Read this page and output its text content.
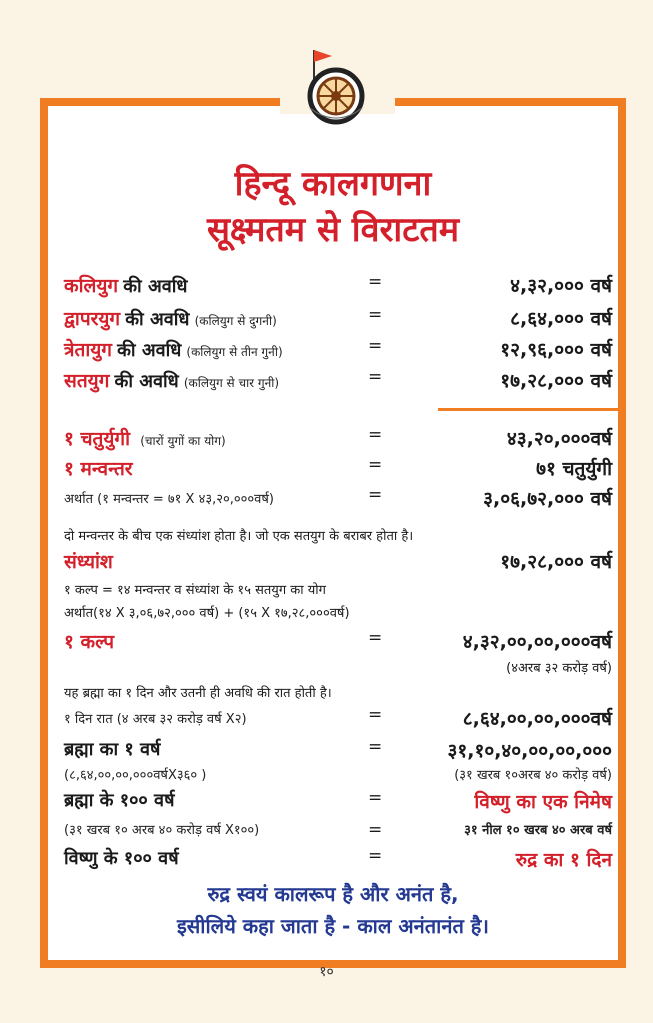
हिन्दू कालगणना
सूक्ष्मतम से विराटतम
कलियुग की अवधि	=	४,३२,००० वर्ष
द्वापरयुग की अवधि (कलियुग से दुगनी)	=	८,६४,००० वर्ष
त्रेतायुग की अवधि (कलियुग से तीन गुनी)	=	१२,९६,००० वर्ष
सतयुग की अवधि (कलियुग से चार गुनी)	=	१७,२८,००० वर्ष
१ चतुर्युगी (चारों युगों का योग)	=	४३,२०,०००वर्ष
१ मन्वन्तर	=	७१ चतुर्युगी
अर्थात (१ मन्वन्तर = ७१ X ४३,२०,०००वर्ष)	=	३,०६,७२,००० वर्ष
दो मन्वन्तर के बीच एक संध्यांश होता है। जो एक सतयुग के बराबर होता है।
संध्यांश	१७,२८,००० वर्ष
१ कल्प = १४ मन्वन्तर व संध्यांश के १५ सतयुग का योग
अर्थात(१४ X ३,०६,७२,००० वर्ष) + (१५ X १७,२८,०००वर्ष)
१ कल्प	=	४,३२,००,००,०००वर्ष
(४अरब ३२ करोड़ वर्ष)
यह ब्रह्मा का १ दिन और उतनी ही अवधि की रात होती है।
१ दिन रात (४ अरब ३२ करोड़ वर्ष X२)	=	८,६४,००,००,०००वर्ष
ब्रह्मा का १ वर्ष	=	३१,१०,४०,००,००,०००
(८,६४,००,००,०००वर्षX३६० )	(३१ खरब १०अरब ४० करोड़ वर्ष)
ब्रह्मा के १०० वर्ष	=	विष्णु का एक निमेष
(३१ खरब १० अरब ४० करोड़ वर्ष X१००)	=	३१ नील १० खरब ४० अरब वर्ष
विष्णु के १०० वर्ष	=	रुद्र का १ दिन
रुद्र स्वयं कालरूप है और अनंत है,
इसीलिये कहा जाता है - काल अनंतानंत है।
१०
